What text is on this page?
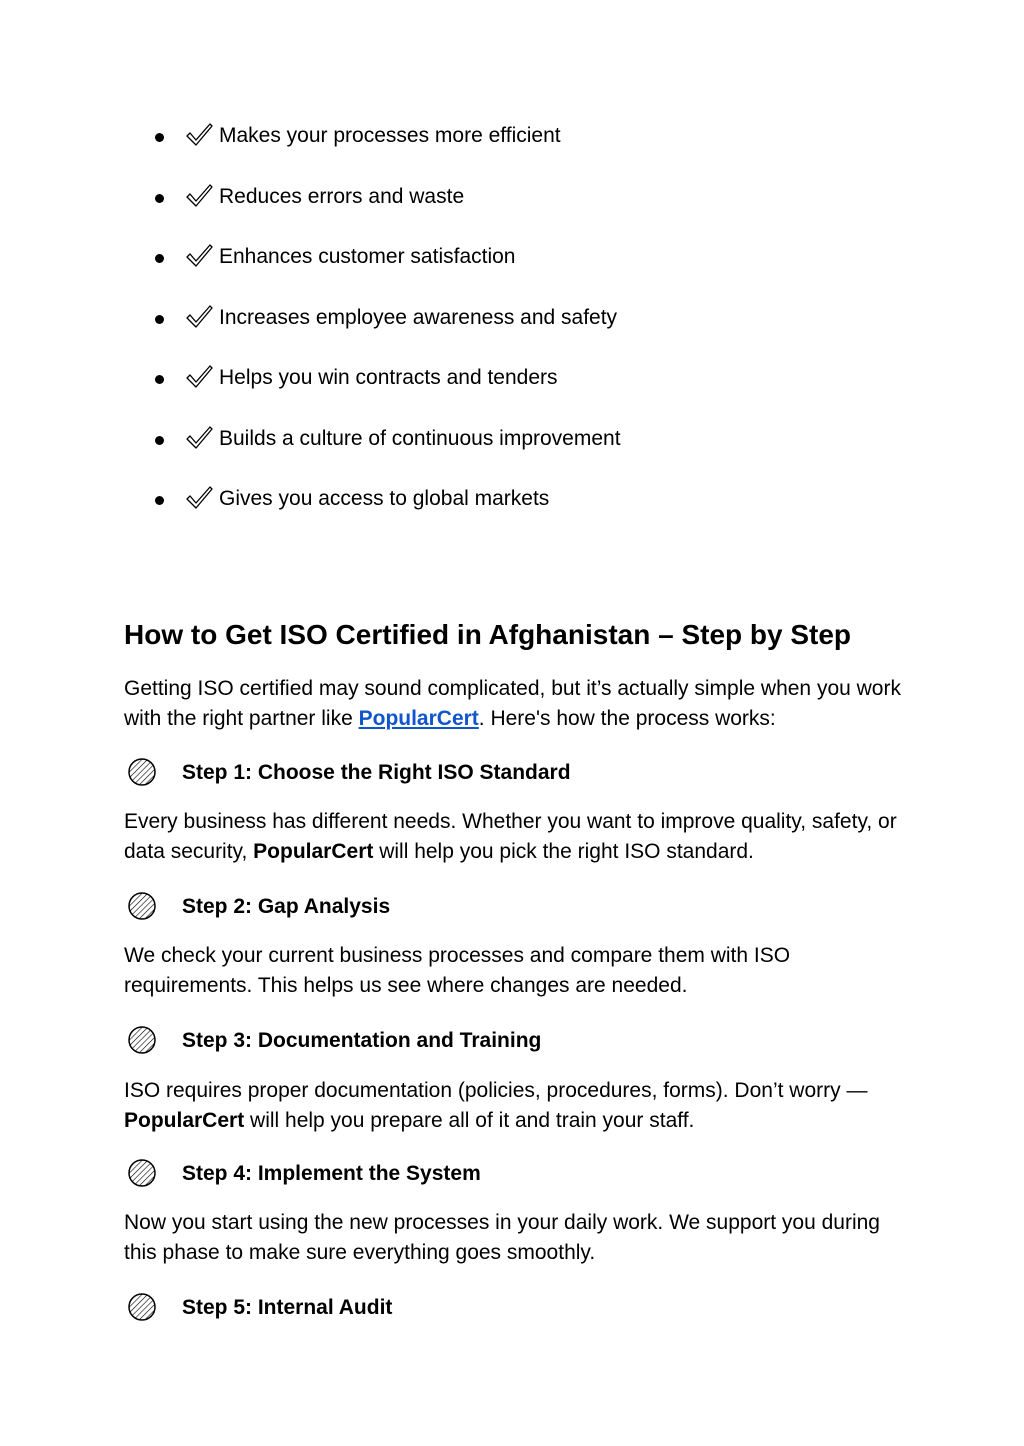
Makes your processes more efficient
Reduces errors and waste
Enhances customer satisfaction
Increases employee awareness and safety
Helps you win contracts and tenders
Builds a culture of continuous improvement
Gives you access to global markets
How to Get ISO Certified in Afghanistan – Step by Step

Getting ISO certified may sound complicated, but it’s actually simple when you work with the right partner like PopularCert. Here's how the process works:

Step 1: Choose the Right ISO Standard

Every business has different needs. Whether you want to improve quality, safety, or data security, PopularCert will help you pick the right ISO standard.

Step 2: Gap Analysis

We check your current business processes and compare them with ISO requirements. This helps us see where changes are needed.

Step 3: Documentation and Training

ISO requires proper documentation (policies, procedures, forms). Don’t worry — PopularCert will help you prepare all of it and train your staff.

Step 4: Implement the System

Now you start using the new processes in your daily work. We support you during this phase to make sure everything goes smoothly.

Step 5: Internal Audit
